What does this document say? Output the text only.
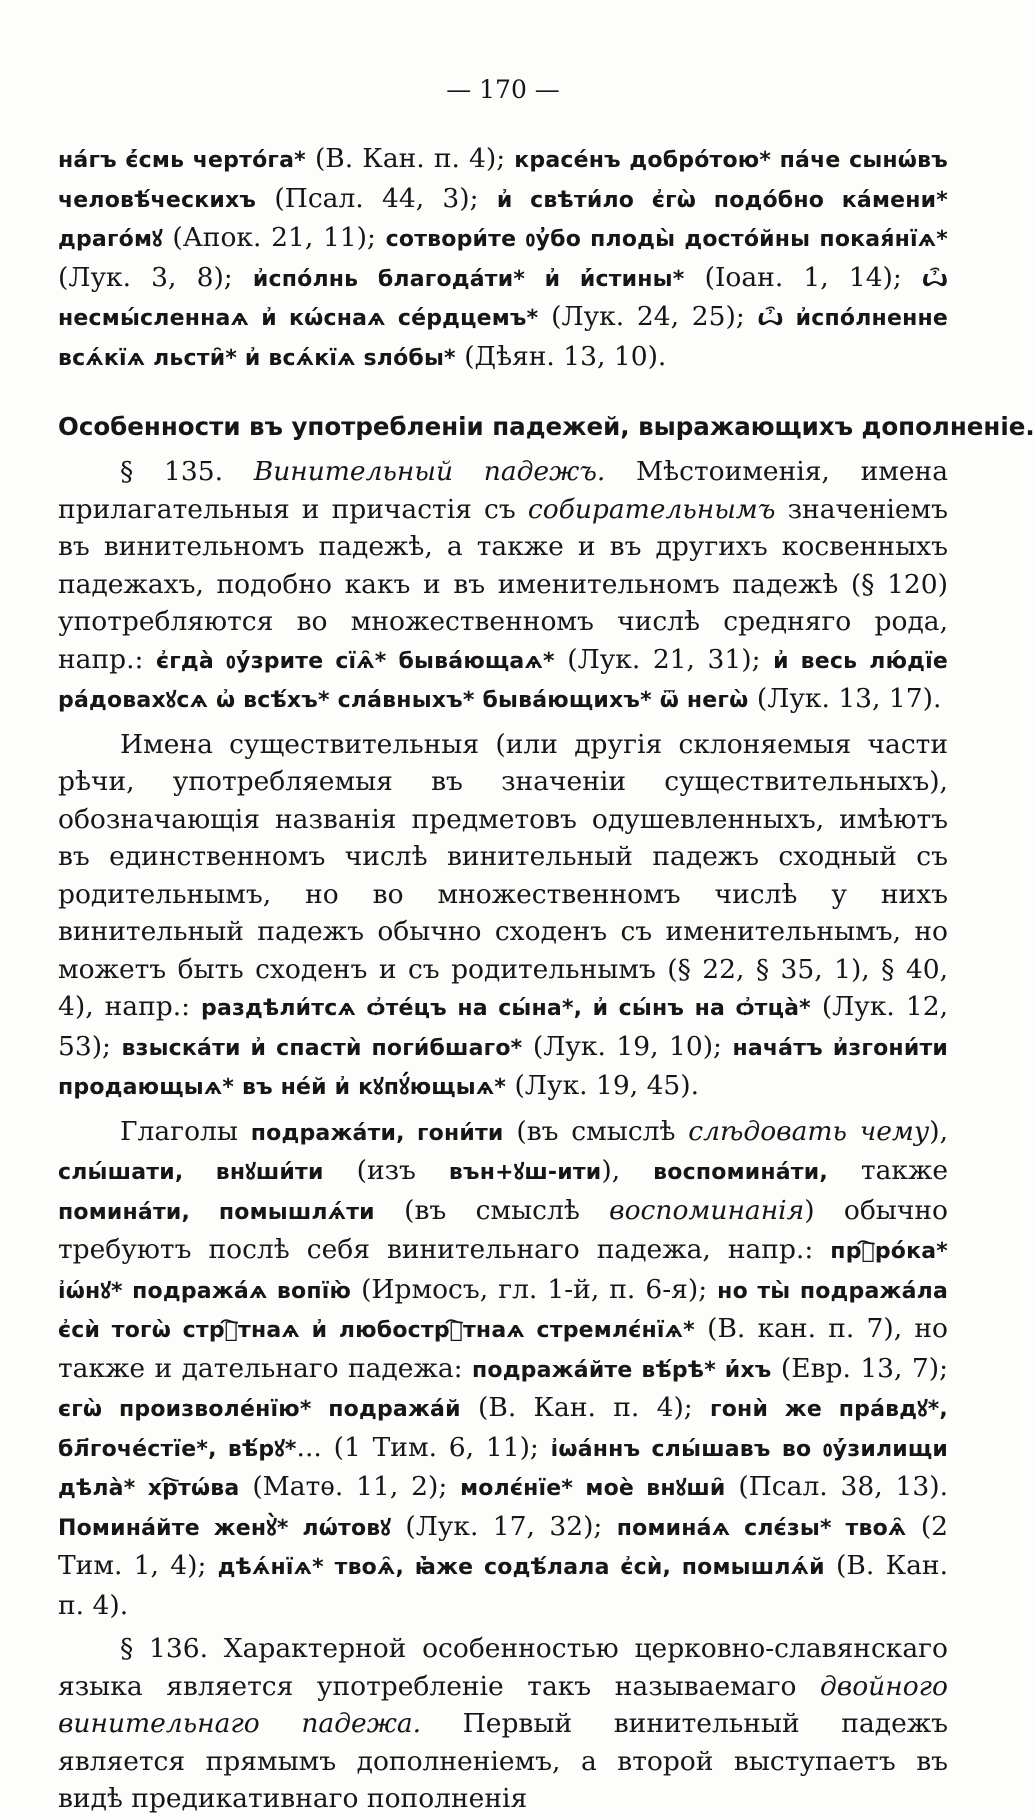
— 170 —

нáгъ є҆́смь чертóга* (В. Кан. п. 4); красе́нъ добрóтою* пáче сынѡ́въ человѣ́ческихъ (Псал. 44, 3); и҆ свѣти́ло є҆гѡ̀ подóбно кáмени* драгóмꙋ (Апок. 21, 11); сотвори́те ᲂу҆̓бо плоды̀ достóйны покая́нїѧ* (Лук. 3, 8); и҆спóлнь благодáти* и҆ и҆́стины* (Іоан. 1, 14); ѽ несмы́сленнаѧ и҆ кѡ́снаѧ се́рдцемъ* (Лук. 24, 25); ѽ и҆спóлненне всѧ́кїѧ льсти̑* и҆ всѧ́кїѧ ѕлóбы* (Дѣян. 13, 10).

Особенности въ употребленіи падежей, выражающихъ дополненіе.

§ 135. Винительный падежъ. Мѣстоименія, имена прилагательныя и причастія съ собирательнымъ значеніемъ въ винительномъ падежѣ, а также и въ другихъ косвенныхъ падежахъ, подобно какъ и въ именительномъ падежѣ (§ 120) употребляются во множественномъ числѣ средняго рода, напр.: є҆гдà ᲂу҆́зрите сїѧ̑* бывáющаѧ* (Лук. 21, 31); и҆ весь лю́дїе рáдовахꙋсѧ ѡ҆ всѣ́хъ* слáвныхъ* бывáющихъ* ѿ негѡ̀ (Лук. 13, 17).

Имена существительныя (или другія склоняемыя части рѣчи, употребляемыя въ значеніи существительныхъ), обозначающія названія предметовъ одушевленныхъ, имѣютъ въ единственномъ числѣ винительный падежъ сходный съ родительнымъ, но во множественномъ числѣ у нихъ винительный падежъ обычно сходенъ съ именительнымъ, но можетъ быть сходенъ и съ родительнымъ (§ 22, § 35, 1), § 40, 4), напр.: раздѣли́тсѧ ѻ҆те́цъ на сы́на*, и҆ сы́нъ на ѻ҆тцà* (Лук. 12, 53); взыскáти и҆ спастѝ поги́бшаго* (Лук. 19, 10); начáтъ и҆згони́ти продающыѧ* въ не́й и҆ кꙋпꙋ́ющыѧ* (Лук. 19, 45).

Глаголы подражáти, гони́ти (въ смыслѣ слѣдовать чему), слы́шати, внꙋши́ти (изъ вън+ꙋш-ити), воспоминáти, также поминáти, помышлѧ́ти (въ смыслѣ воспоминанія) обычно требуютъ послѣ себя винительнаго падежа, напр.: прⷪ҇рóка* і҆ѡ́нꙋ* подражáѧ вопїю̀ (Ирмосъ, гл. 1-й, п. 6-я); но ты̀ подражáла є҆сѝ тогѡ̀ стрⷭ҇тнаѧ и҆ любострⷭ҇тнаѧ стремлє́нїѧ* (В. кан. п. 7), но также и дательнаго падежа: подражáйте вѣ́рѣ* и҆́хъ (Евр. 13, 7); єгѡ̀ произволе́нїю* подражáй (В. Кан. п. 4); гонѝ же прáвдꙋ*, бл҃гоче́стїе*, вѣ́рꙋ*... (1 Тим. 6, 11); і҆ѡа́ннъ слы́шавъ во ᲂу҆́зилищи дѣлà* хр҇тѡ́ва (Матѳ. 11, 2); молє́нїе* моѐ внꙋши̑ (Псал. 38, 13). Помина́йте женꙋ̀* лѡ́товꙋ (Лук. 17, 32); поминáѧ слє́зы* твоѧ̑ (2 Тим. 1, 4); дѣѧ́нїѧ* твоѧ̑, ꙗ҆̀же содѣ́лала є҆сѝ, помышлѧ́й (В. Кан. п. 4).

§ 136. Характерной особенностью церковно-славянскаго языка является употребленіе такъ называемаго двойного винительнаго падежа. Первый винительный падежъ является прямымъ дополненіемъ, а второй выступаетъ въ видѣ предикативнаго пополненія
